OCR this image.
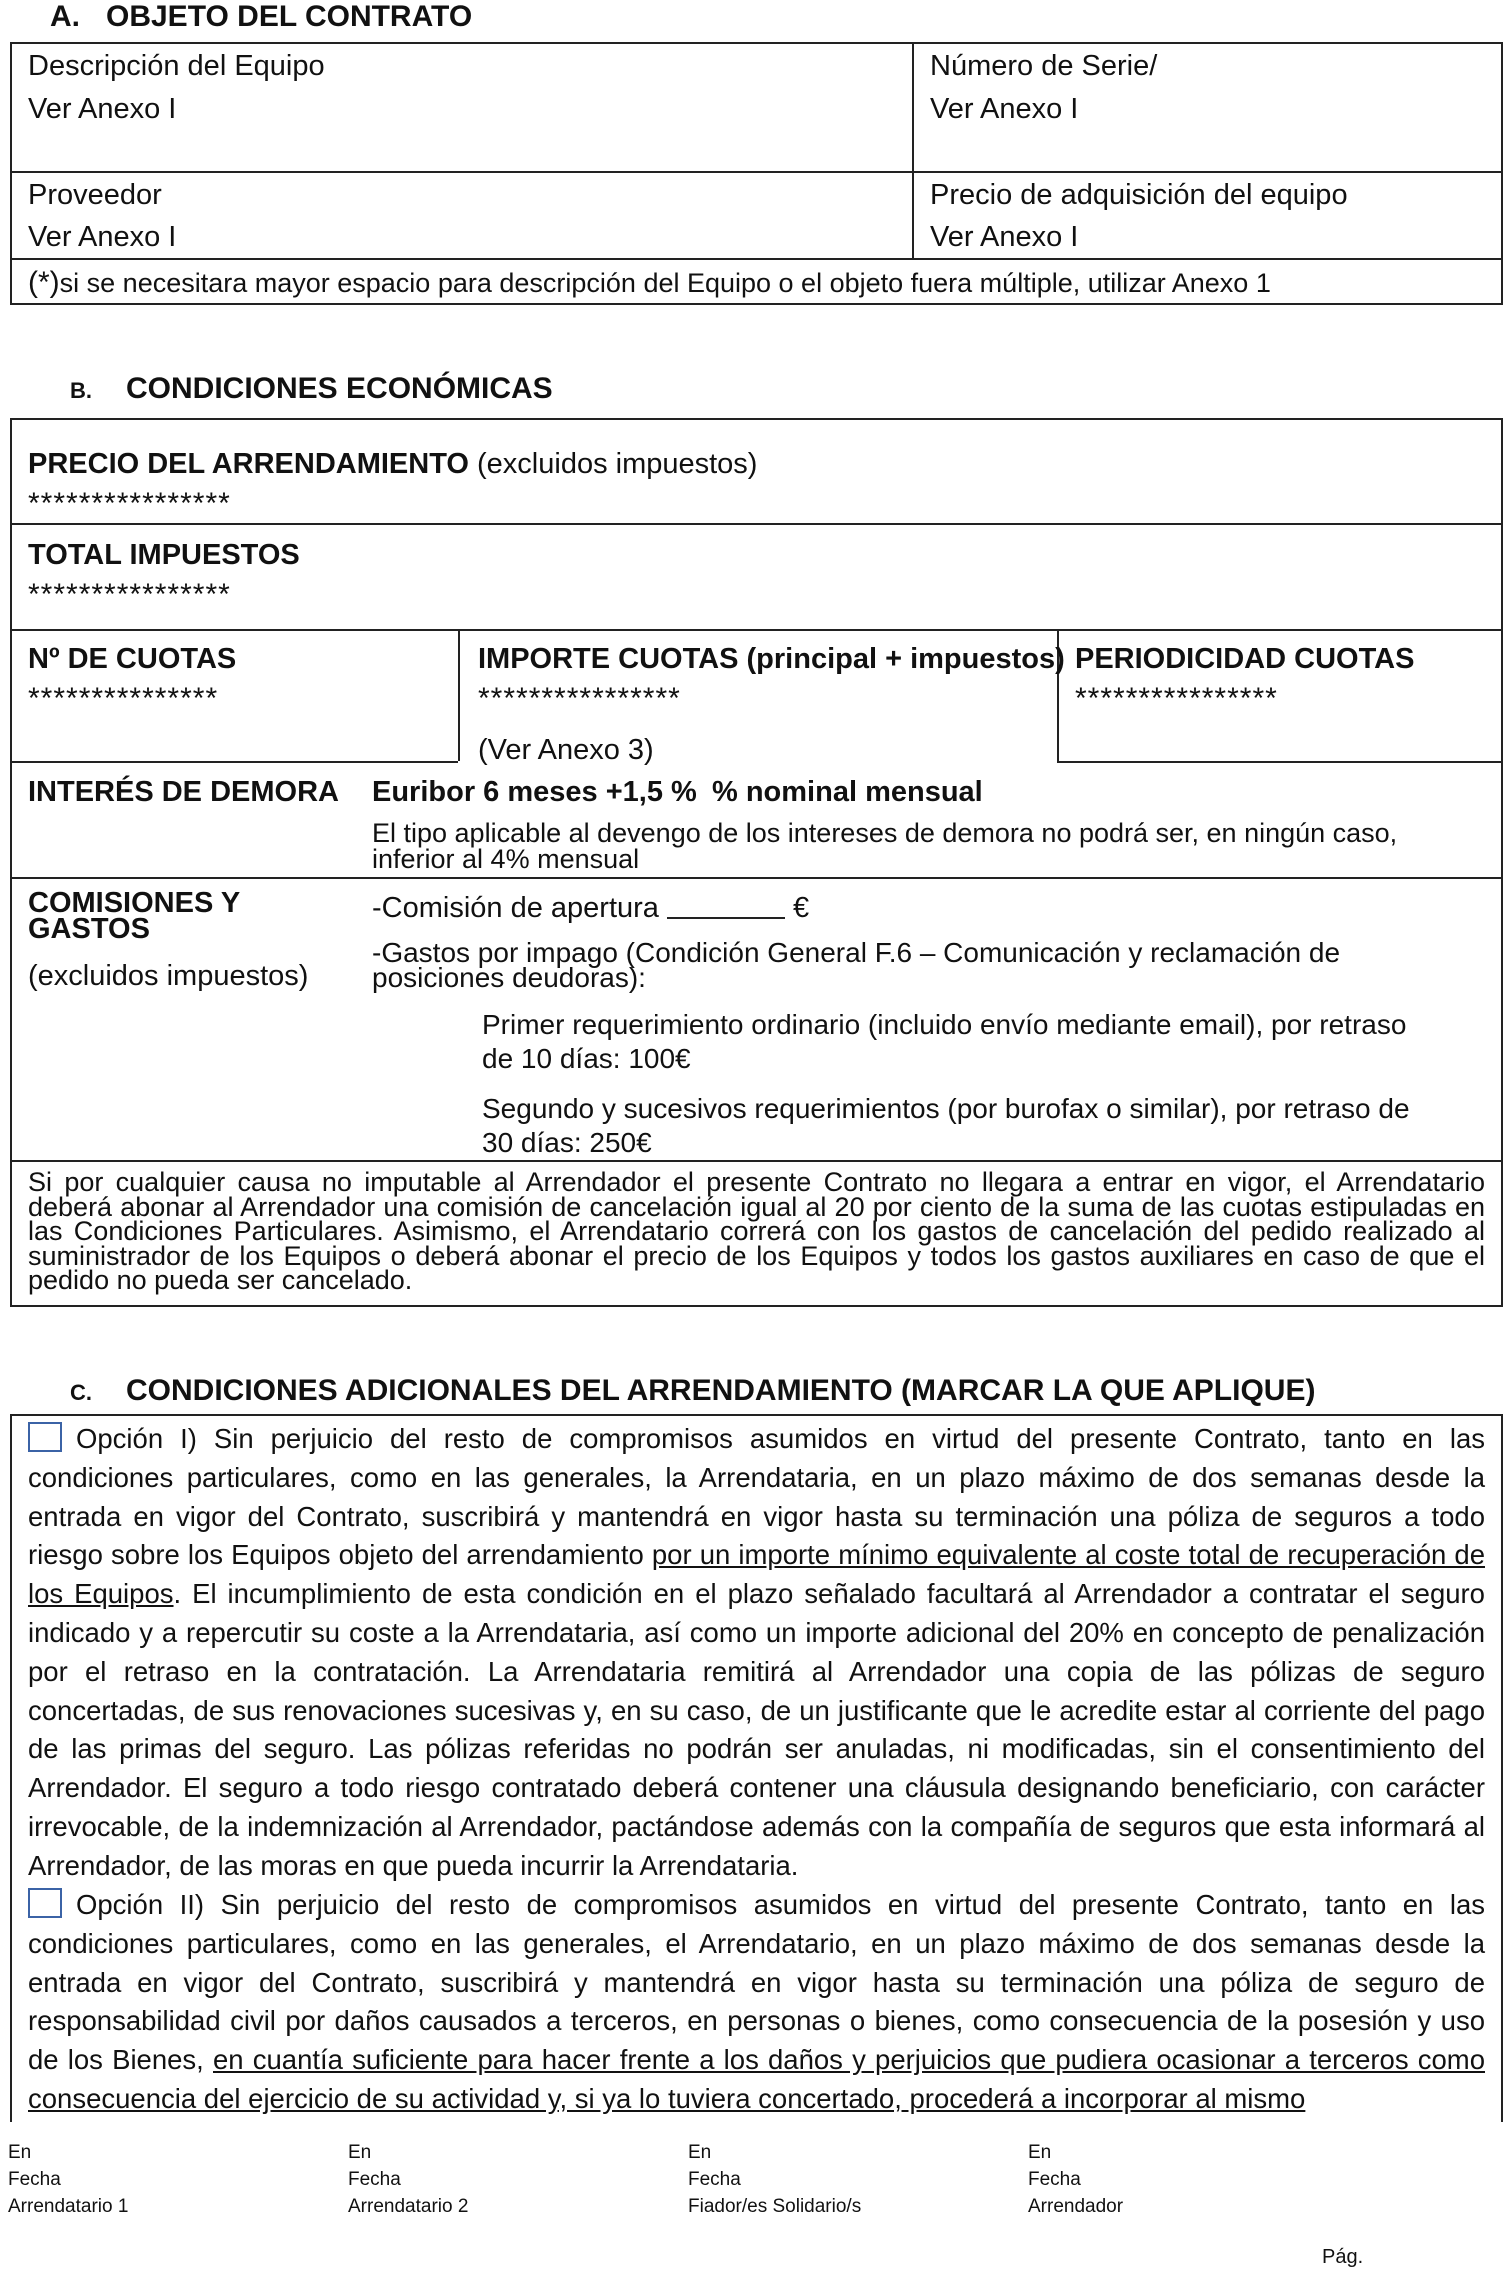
A. OBJETO DEL CONTRATO
Descripción del Equipo
Ver Anexo I
Número de Serie/
Ver Anexo I
Proveedor
Ver Anexo I
Precio de adquisición del equipo
Ver Anexo I
(*)si se necesitara mayor espacio para descripción del Equipo o el objeto fuera múltiple, utilizar Anexo 1
B. CONDICIONES ECONÓMICAS
PRECIO DEL ARRENDAMIENTO (excluidos impuestos)
****************
TOTAL IMPUESTOS
****************
Nº DE CUOTAS
***************
IMPORTE CUOTAS (principal + impuestos)
****************
(Ver Anexo 3)
PERIODICIDAD CUOTAS
****************
INTERÉS DE DEMORA Euribor 6 meses +1,5 % % nominal mensual
El tipo aplicable al devengo de los intereses de demora no podrá ser, en ningún caso,
inferior al 4% mensual
COMISIONES Y
GASTOS
(excluidos impuestos)
-Comisión de apertura	€
-Gastos por impago (Condición General F.6 – Comunicación y reclamación de
posiciones deudoras):
Primer requerimiento ordinario (incluido envío mediante email), por retraso
de 10 días: 100€
Segundo y sucesivos requerimientos (por burofax o similar), por retraso de
30 días: 250€
Si por cualquier causa no imputable al Arrendador el presente Contrato no llegara a entrar en vigor, el Arrendatario deberá abonar al Arrendador una comisión de cancelación igual al 20 por ciento de la suma de las cuotas estipuladas en las Condiciones Particulares. Asimismo, el Arrendatario correrá con los gastos de cancelación del pedido realizado al suministrador de los Equipos o deberá abonar el precio de los Equipos y todos los gastos auxiliares en caso de que el pedido no pueda ser cancelado.
C. CONDICIONES ADICIONALES DEL ARRENDAMIENTO (MARCAR LA QUE APLIQUE)
Opción I) Sin perjuicio del resto de compromisos asumidos en virtud del presente Contrato, tanto en las condiciones particulares, como en las generales, la Arrendataria, en un plazo máximo de dos semanas desde la entrada en vigor del Contrato, suscribirá y mantendrá en vigor hasta su terminación una póliza de seguros a todo riesgo sobre los Equipos objeto del arrendamiento por un importe mínimo equivalente al coste total de recuperación de los Equipos. El incumplimiento de esta condición en el plazo señalado facultará al Arrendador a contratar el seguro indicado y a repercutir su coste a la Arrendataria, así como un importe adicional del 20% en concepto de penalización por el retraso en la contratación. La Arrendataria remitirá al Arrendador una copia de las pólizas de seguro concertadas, de sus renovaciones sucesivas y, en su caso, de un justificante que le acredite estar al corriente del pago de las primas del seguro. Las pólizas referidas no podrán ser anuladas, ni modificadas, sin el consentimiento del Arrendador. El seguro a todo riesgo contratado deberá contener una cláusula designando beneficiario, con carácter irrevocable, de la indemnización al Arrendador, pactándose además con la compañía de seguros que esta informará al Arrendador, de las moras en que pueda incurrir la Arrendataria.
Opción II) Sin perjuicio del resto de compromisos asumidos en virtud del presente Contrato, tanto en las condiciones particulares, como en las generales, el Arrendatario, en un plazo máximo de dos semanas desde la entrada en vigor del Contrato, suscribirá y mantendrá en vigor hasta su terminación una póliza de seguro de responsabilidad civil por daños causados a terceros, en personas o bienes, como consecuencia de la posesión y uso de los Bienes, en cuantía suficiente para hacer frente a los daños y perjuicios que pudiera ocasionar a terceros como consecuencia del ejercicio de su actividad y, si ya lo tuviera concertado, procederá a incorporar al mismo
En
Fecha
Arrendatario 1
En
Fecha
Arrendatario 2
En
Fecha
Fiador/es Solidario/s
En
Fecha
Arrendador
Pág.
